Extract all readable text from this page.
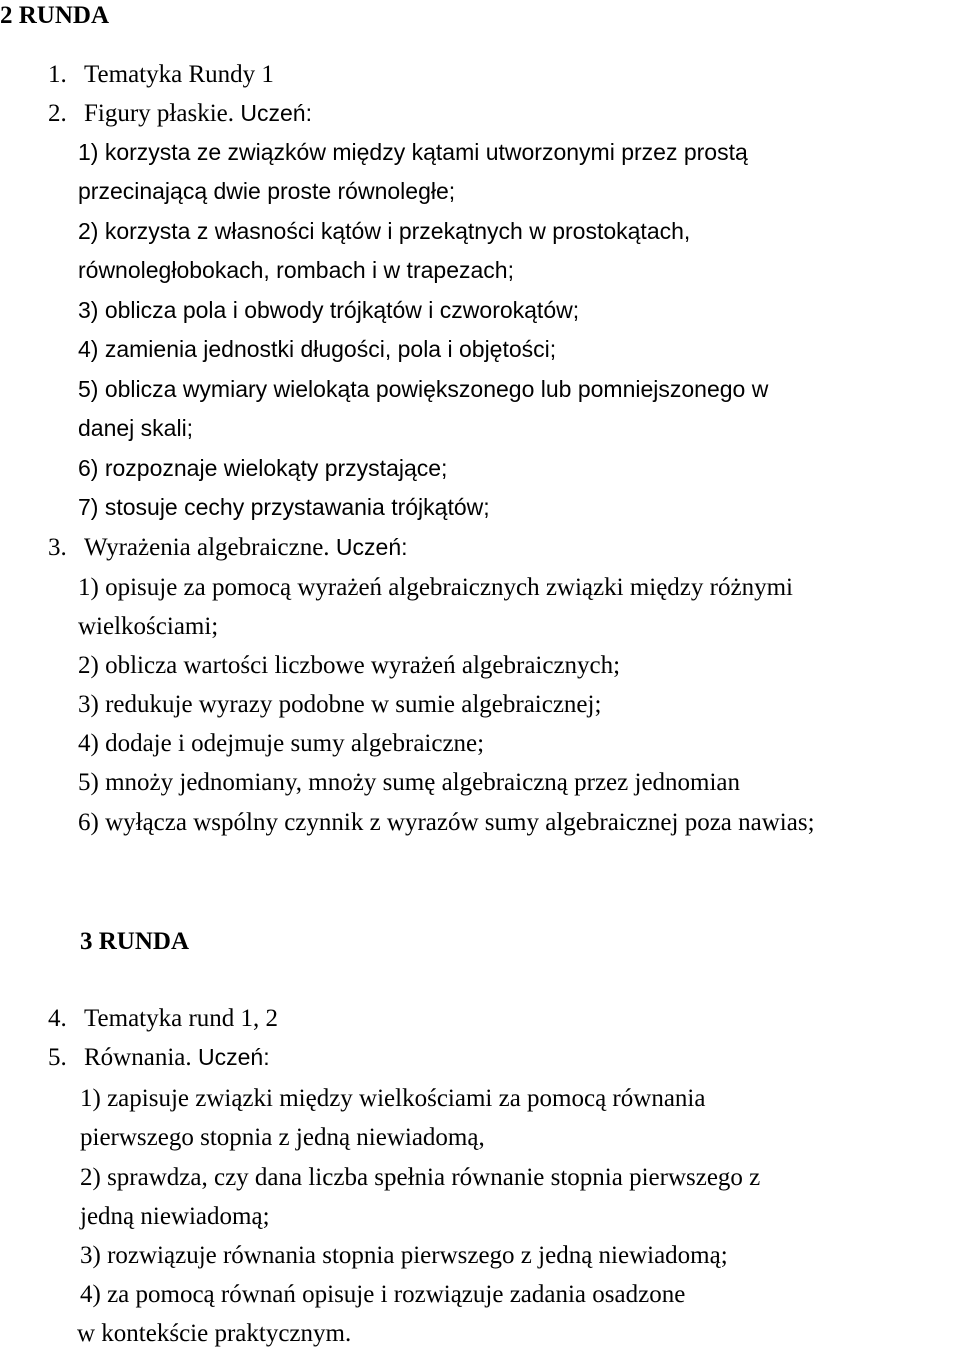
2 RUNDA
1. Tematyka Rundy 1
2. Figury płaskie. Uczeń:
1) korzysta ze związków między kątami utworzonymi przez prostą
przecinającą dwie proste równoległe;
2) korzysta z własności kątów i przekątnych w prostokątach,
równoległobokach, rombach i w trapezach;
3) oblicza pola i obwody trójkątów i czworokątów;
4) zamienia jednostki długości, pola i objętości;
5) oblicza wymiary wielokąta powiększonego lub pomniejszonego w
danej skali;
6) rozpoznaje wielokąty przystające;
7) stosuje cechy przystawania trójkątów;
3. Wyrażenia algebraiczne. Uczeń:
1) opisuje za pomocą wyrażeń algebraicznych związki między różnymi
wielkościami;
2) oblicza wartości liczbowe wyrażeń algebraicznych;
3) redukuje wyrazy podobne w sumie algebraicznej;
4) dodaje i odejmuje sumy algebraiczne;
5) mnoży jednomiany, mnoży sumę algebraiczną przez jednomian
6) wyłącza wspólny czynnik z wyrazów sumy algebraicznej poza nawias;
3 RUNDA
4. Tematyka rund 1, 2
5. Równania. Uczeń:
1) zapisuje związki między wielkościami za pomocą równania
pierwszego stopnia z jedną niewiadomą,
2) sprawdza, czy dana liczba spełnia równanie stopnia pierwszego z
jedną niewiadomą;
3) rozwiązuje równania stopnia pierwszego z jedną niewiadomą;
4) za pomocą równań opisuje i rozwiązuje zadania osadzone
w kontekście praktycznym.
